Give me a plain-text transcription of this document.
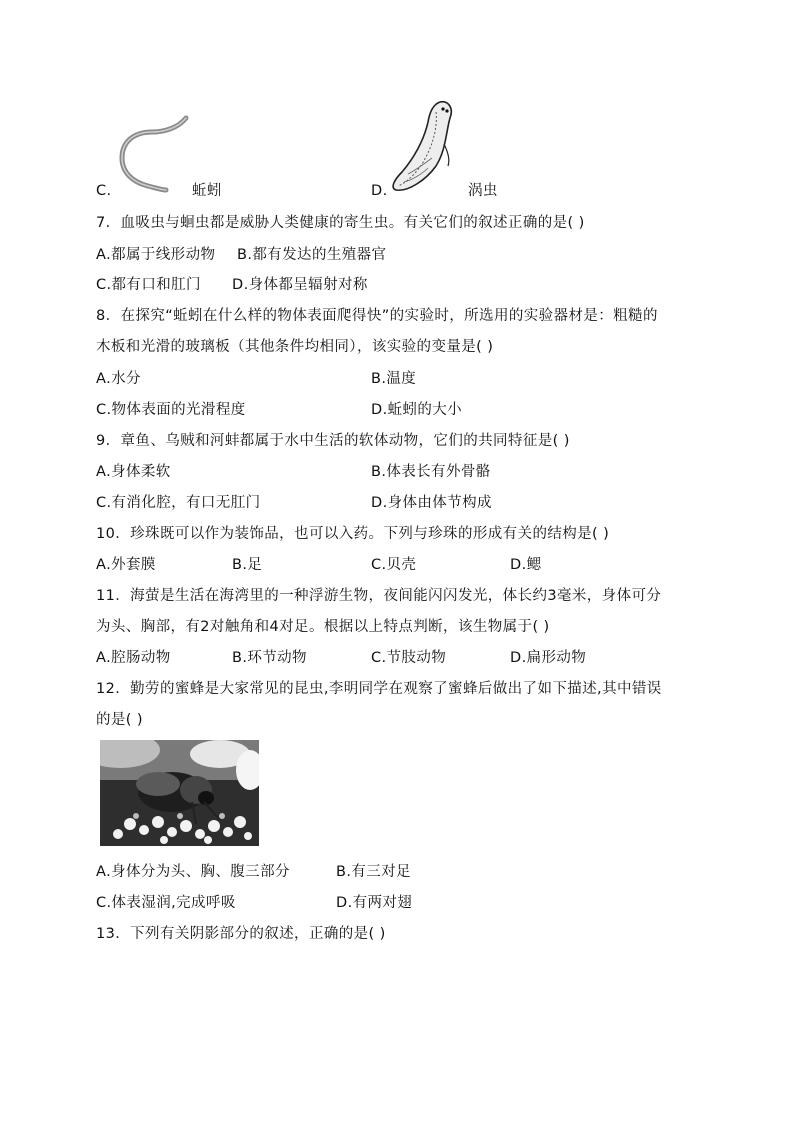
C.	蚯蚓	D.	涡虫
7．血吸虫与蛔虫都是威胁人类健康的寄生虫。有关它们的叙述正确的是( )
A.都属于线形动物 B.都有发达的生殖器官
C.都有口和肛门 D.身体都呈辐射对称
8．在探究“蚯蚓在什么样的物体表面爬得快”的实验时，所选用的实验器材是：粗糙的
木板和光滑的玻璃板（其他条件均相同），该实验的变量是( )
A.水分	B.温度
C.物体表面的光滑程度	D.蚯蚓的大小
9．章鱼、乌贼和河蚌都属于水中生活的软体动物，它们的共同特征是( )
A.身体柔软	B.体表长有外骨骼
C.有消化腔，有口无肛门	D.身体由体节构成
10．珍珠既可以作为装饰品，也可以入药。下列与珍珠的形成有关的结构是( )
A.外套膜	B.足	C.贝壳	D.鳃
11．海萤是生活在海湾里的一种浮游生物，夜间能闪闪发光，体长约3毫米，身体可分
为头、胸部，有2对触角和4对足。根据以上特点判断，该生物属于( )
A.腔肠动物	B.环节动物	C.节肢动物	D.扁形动物
12．勤劳的蜜蜂是大家常见的昆虫,李明同学在观察了蜜蜂后做出了如下描述,其中错误
的是( )
A.身体分为头、胸、腹三部分	B.有三对足
C.体表湿润,完成呼吸	D.有两对翅
13．下列有关阴影部分的叙述，正确的是( )
